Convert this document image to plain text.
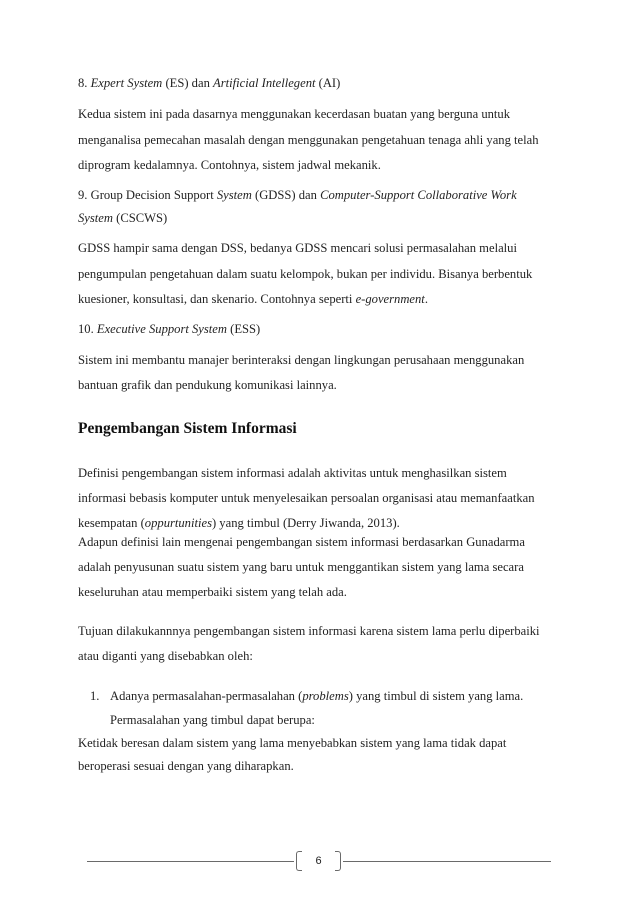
8. Expert System (ES) dan Artificial Intellegent (AI)
Kedua sistem ini pada dasarnya menggunakan kecerdasan buatan yang berguna untuk
menganalisa pemecahan masalah dengan menggunakan pengetahuan tenaga ahli yang telah
diprogram kedalamnya. Contohnya, sistem jadwal mekanik.
9. Group Decision Support System (GDSS) dan Computer-Support Collaborative Work
System (CSCWS)
GDSS hampir sama dengan DSS, bedanya GDSS mencari solusi permasalahan melalui
pengumpulan pengetahuan dalam suatu kelompok, bukan per individu. Bisanya berbentuk
kuesioner, konsultasi, dan skenario. Contohnya seperti e-government.
10. Executive Support System (ESS)
Sistem ini membantu manajer berinteraksi dengan lingkungan perusahaan menggunakan
bantuan grafik dan pendukung komunikasi lainnya.
Pengembangan Sistem Informasi
Definisi pengembangan sistem informasi adalah aktivitas untuk menghasilkan sistem
informasi bebasis komputer untuk menyelesaikan persoalan organisasi atau memanfaatkan
kesempatan (oppurtunities) yang timbul (Derry Jiwanda, 2013).
Adapun definisi lain mengenai pengembangan sistem informasi berdasarkan Gunadarma
adalah penyusunan suatu sistem yang baru untuk menggantikan sistem yang lama secara
keseluruhan atau memperbaiki sistem yang telah ada.
Tujuan dilakukannnya pengembangan sistem informasi karena sistem lama perlu diperbaiki
atau diganti yang disebabkan oleh:
1. Adanya permasalahan-permasalahan (problems) yang timbul di sistem yang lama.
Permasalahan yang timbul dapat berupa:
Ketidak beresan dalam sistem yang lama menyebabkan sistem yang lama tidak dapat
beroperasi sesuai dengan yang diharapkan.
6
